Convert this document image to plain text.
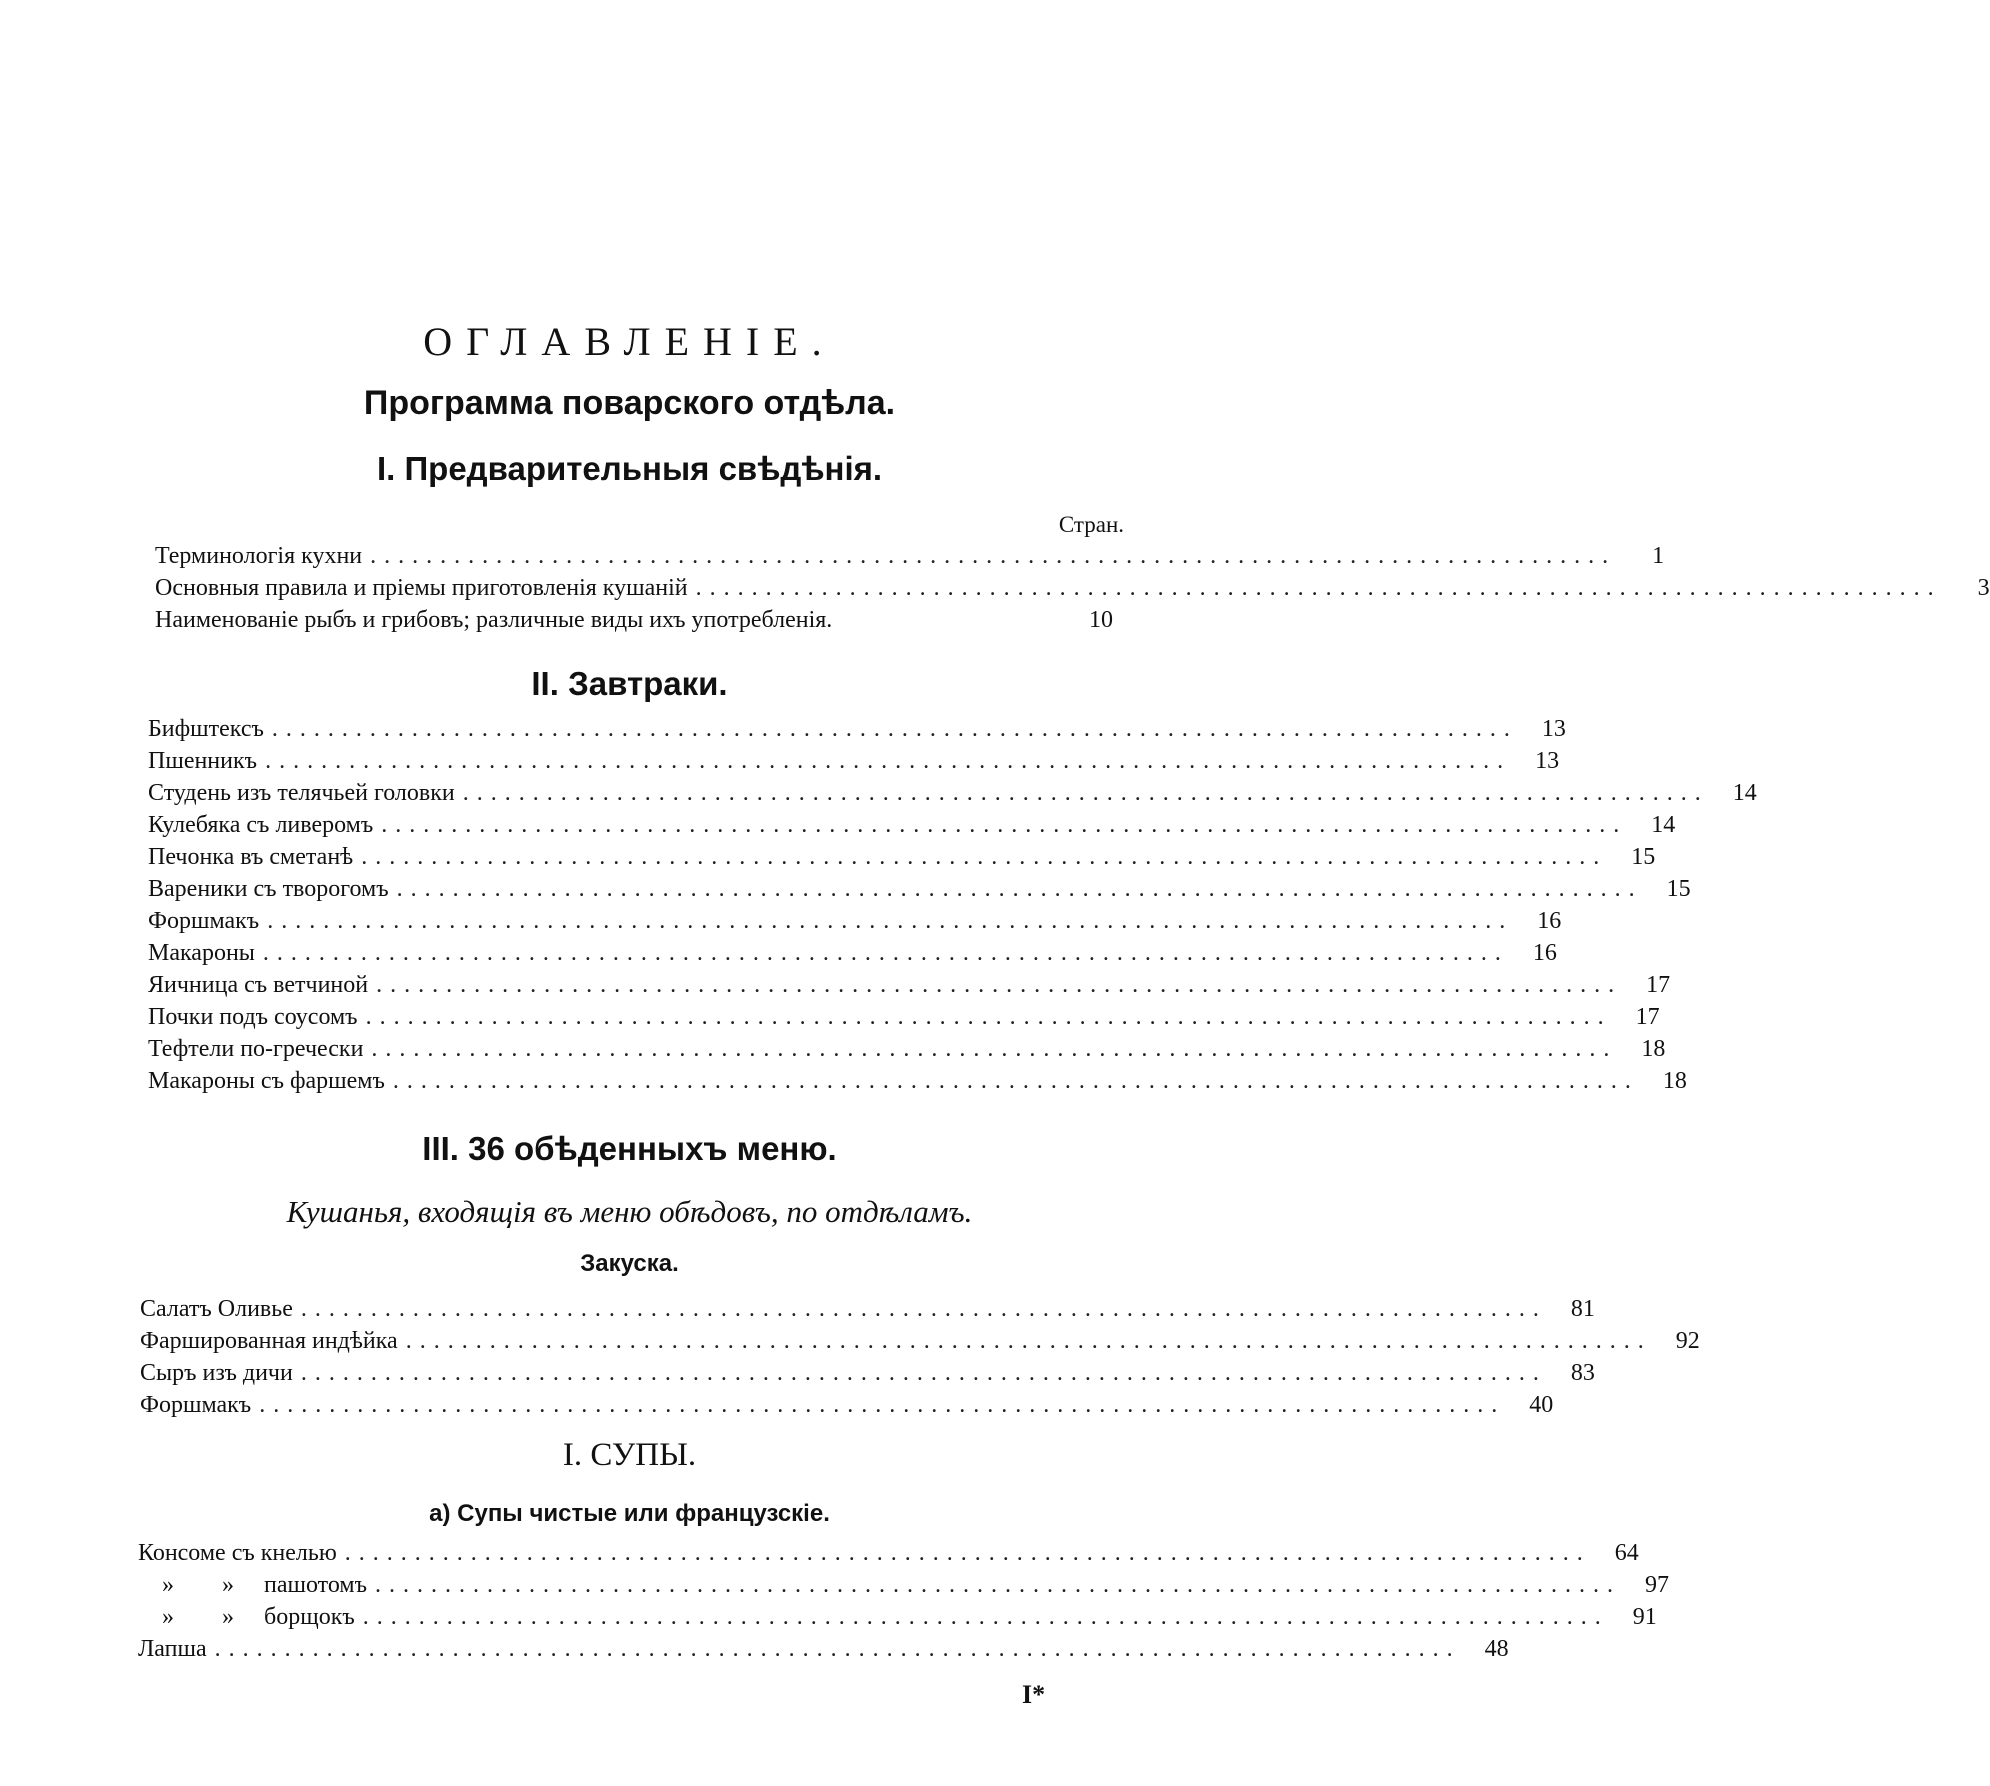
ОГЛАВЛЕНІЕ.
Программа поварского отдѣла.
I. Предварительныя свѣдѣнія.
Стран.
Терминологія кухни .........................................................................................	1
Основныя правила и пріемы приготовленія кушаній .........................................................................................	3
Наименованіе рыбъ и грибовъ; различные виды ихъ употребленія.	10
II. Завтраки.
Бифштексъ .........................................................................................	13
Пшенникъ .........................................................................................	13
Студень изъ телячьей головки .........................................................................................	14
Кулебяка съ ливеромъ .........................................................................................	14
Печонка въ сметанѣ .........................................................................................	15
Вареники съ творогомъ .........................................................................................	15
Форшмакъ .........................................................................................	16
Макароны .........................................................................................	16
Яичница съ ветчиной .........................................................................................	17
Почки подъ соусомъ .........................................................................................	17
Тефтели по-гречески .........................................................................................	18
Макароны съ фаршемъ .........................................................................................	18
III. 36 обѣденныхъ меню.
Кушанья, входящія въ меню обѣдовъ, по отдѣламъ.
Закуска.
Салатъ Оливье .........................................................................................	81
Фаршированная индѣйка .........................................................................................	92
Сыръ изъ дичи .........................................................................................	83
Форшмакъ .........................................................................................	40
I. СУПЫ.
а) Супы чистые или французскіе.
Консоме съ кнелью .........................................................................................	64
» » пашотомъ .........................................................................................	97
» » борщокъ .........................................................................................	91
Лапша .........................................................................................	48
I*
